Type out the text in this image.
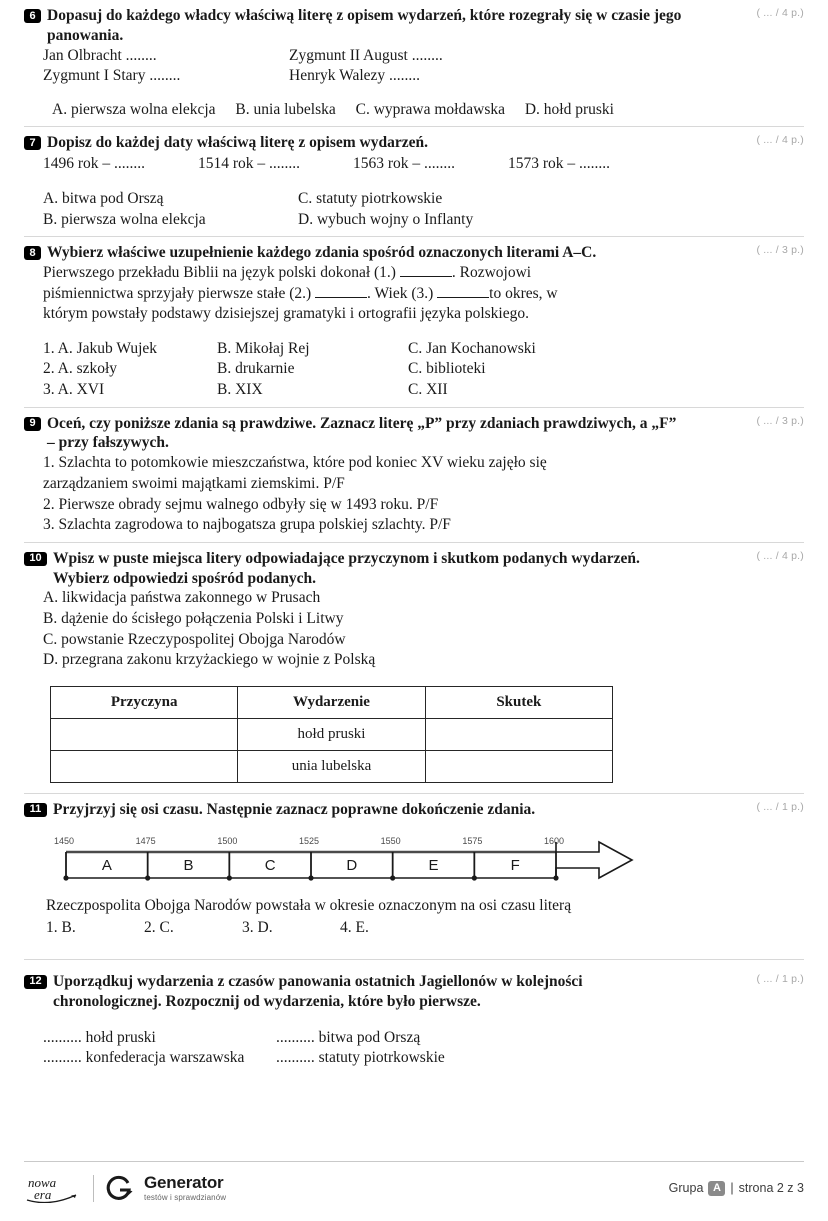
( ... / 4 p.)
6 Dopasuj do każdego władcy właściwą literę z opisem wydarzeń, które rozegrały się w czasie jego panowania.
Jan Olbracht ........	Zygmunt II August ........
Zygmunt I Stary ........	Henryk Walezy ........
A. pierwsza wolna elekcja B. unia lubelska C. wyprawa mołdawska D. hołd pruski
( ... / 4 p.)
7 Dopisz do każdej daty właściwą literę z opisem wydarzeń.
1496 rok – ........	1514 rok – ........	1563 rok – ........	1573 rok – ........
A. bitwa pod Orszą	C. statuty piotrkowskie
B. pierwsza wolna elekcja	D. wybuch wojny o Inflanty
( ... / 3 p.)
8 Wybierz właściwe uzupełnienie każdego zdania spośród oznaczonych literami A–C.
Pierwszego przekładu Biblii na język polski dokonał (1.)	. Rozwojowi piśmiennictwa sprzyjały pierwsze stałe (2.)	. Wiek (3.)	to okres, w którym powstały podstawy dzisiejszej gramatyki i ortografii języka polskiego.
1. A. Jakub Wujek	B. Mikołaj Rej	C. Jan Kochanowski
2. A. szkoły	B. drukarnie	C. biblioteki
3. A. XVI	B. XIX	C. XII
( ... / 3 p.)
9 Oceń, czy poniższe zdania są prawdziwe. Zaznacz literę „P” przy zdaniach prawdziwych, a „F” – przy fałszywych.
1. Szlachta to potomkowie mieszczaństwa, które pod koniec XV wieku zajęło się zarządzaniem swoimi majątkami ziemskimi. P/F
2. Pierwsze obrady sejmu walnego odbyły się w 1493 roku. P/F
3. Szlachta zagrodowa to najbogatsza grupa polskiej szlachty. P/F
( ... / 4 p.)
10 Wpisz w puste miejsca litery odpowiadające przyczynom i skutkom podanych wydarzeń. Wybierz odpowiedzi spośród podanych.
A. likwidacja państwa zakonnego w Prusach
B. dążenie do ścisłego połączenia Polski i Litwy
C. powstanie Rzeczypospolitej Obojga Narodów
D. przegrana zakonu krzyżackiego w wojnie z Polską
Przyczyna	Wydarzenie	Skutek
	hołd pruski	
	unia lubelska	
( ... / 1 p.)
11 Przyjrzyj się osi czasu. Następnie zaznacz poprawne dokończenie zdania.
1450	1475	1500	1525	1550	1575	1600
A	B	C	D	E	F
Rzeczpospolita Obojga Narodów powstała w okresie oznaczonym na osi czasu literą
1. B.	2. C.	3. D.	4. E.
( ... / 1 p.)
12 Uporządkuj wydarzenia z czasów panowania ostatnich Jagiellonów w kolejności chronologicznej. Rozpocznij od wydarzenia, które było pierwsze.
.......... hołd pruski	.......... bitwa pod Orszą
.......... konfederacja warszawska	.......... statuty piotrkowskie
nowa
era
Generator
testów i sprawdzianów
Grupa A | strona 2 z 3
